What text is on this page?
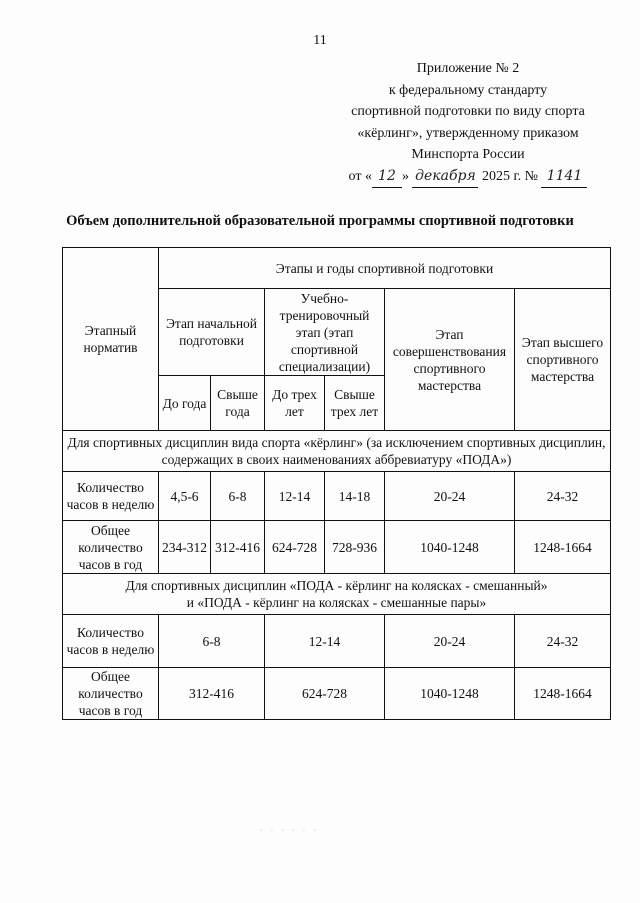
11
Приложение № 2
к федеральному стандарту
спортивной подготовки по виду спорта
«кёрлинг», утвержденному приказом
Минспорта России
от « 12 » декабря 2025 г. № 1141
Объем дополнительной образовательной программы спортивной подготовки
Этапный норматив	Этапы и годы спортивной подготовки					
	Этап начальной подготовки		Учебно-тренировочный этап (этап спортивной специализации)		Этап совершенствования спортивного мастерства	Этап высшего спортивного мастерства
	До года	Свыше года	До трех лет	Свыше трех лет		
Для спортивных дисциплин вида спорта «кёрлинг» (за исключением спортивных дисциплин, содержащих в своих наименованиях аббревиатуру «ПОДА»)						
Количество часов в неделю	4,5-6	6-8	12-14	14-18	20-24	24-32
Общее количество часов в год	234-312	312-416	624-728	728-936	1040-1248	1248-1664

Для спортивных дисциплин «ПОДА - кёрлинг на колясках - смешанный»
и «ПОДА - кёрлинг на колясках - смешанные пары»						

Количество часов в неделю	6-8		12-14		20-24	24-32
Общее количество часов в год	312-416		624-728		1040-1248	1248-1664
· · · · · ·
